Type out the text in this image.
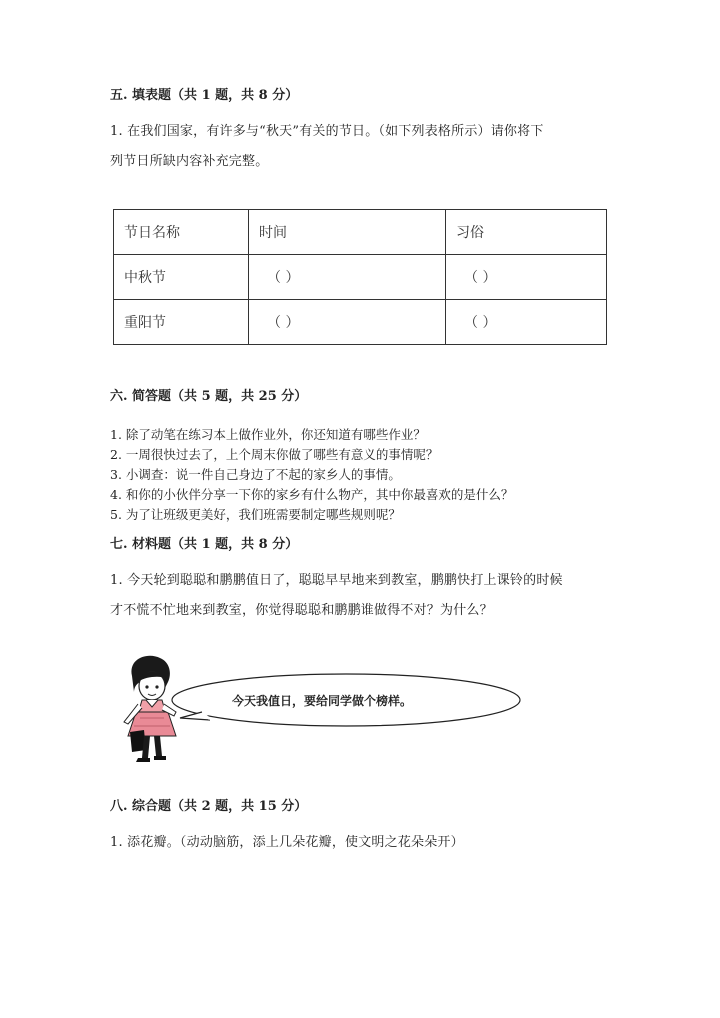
五. 填表题（共 1 题，共 8 分）

1. 在我们国家，有许多与“秋天”有关的节日。（如下列表格所示）请你将下
列节日所缺内容补充完整。

节日名称	时间	习俗
中秋节	（ ）	（ ）
重阳节	（ ）	（ ）
六. 简答题（共 5 题，共 25 分）
1. 除了动笔在练习本上做作业外，你还知道有哪些作业？
2. 一周很快过去了，上个周末你做了哪些有意义的事情呢？
3. 小调查：说一件自己身边了不起的家乡人的事情。
4. 和你的小伙伴分享一下你的家乡有什么物产，其中你最喜欢的是什么？
5. 为了让班级更美好，我们班需要制定哪些规则呢？
七. 材料题（共 1 题，共 8 分）

1. 今天轮到聪聪和鹏鹏值日了，聪聪早早地来到教室，鹏鹏快打上课铃的时候
才不慌不忙地来到教室，你觉得聪聪和鹏鹏谁做得不对？为什么？

今天我值日，要给同学做个榜样。
八. 综合题（共 2 题，共 15 分）

1. 添花瓣。（动动脑筋，添上几朵花瓣，使文明之花朵朵开）
